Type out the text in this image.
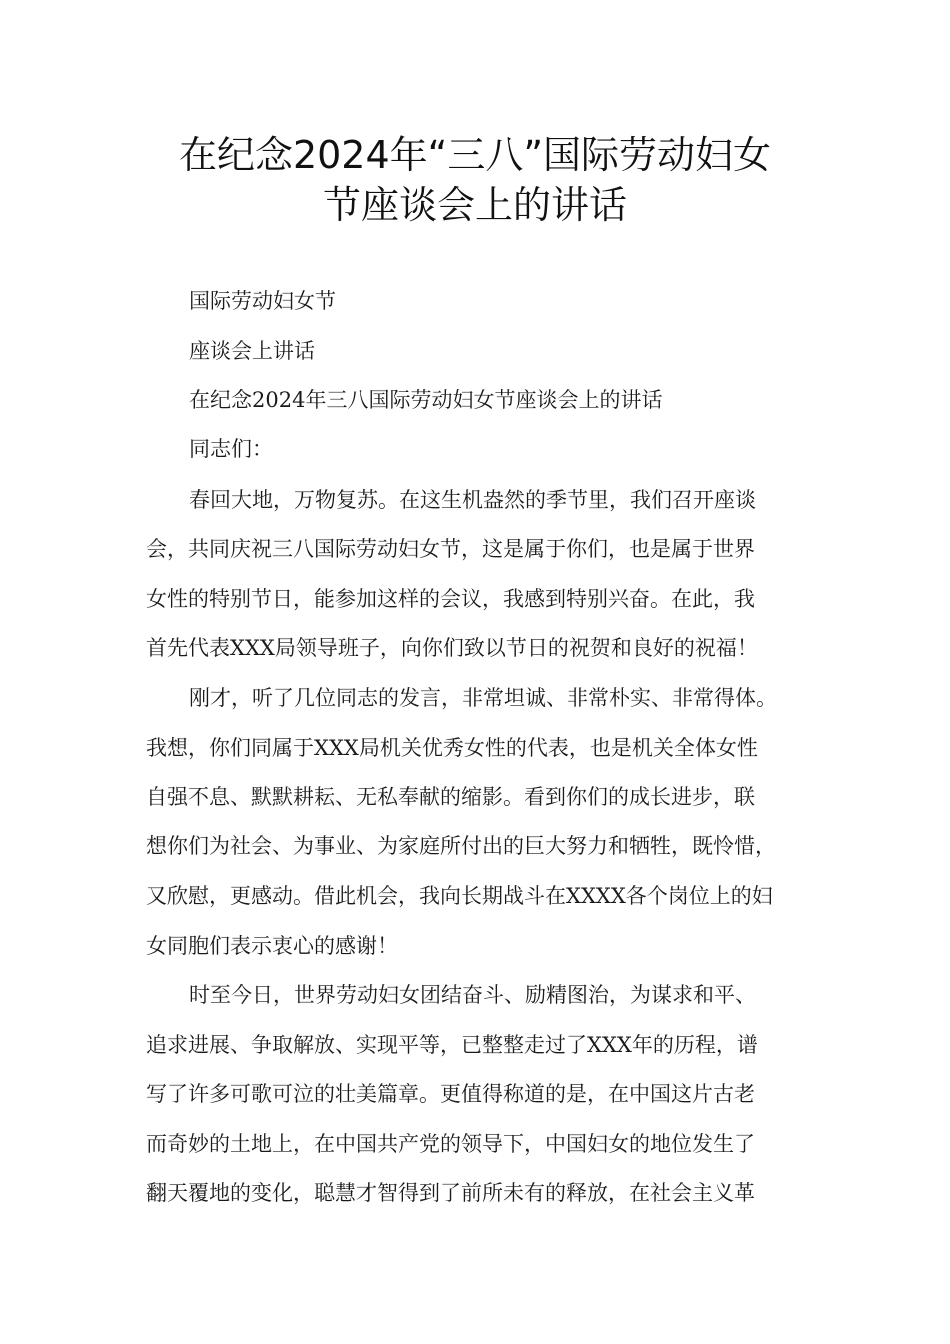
在纪念2024年“三八”国际劳动妇女
节座谈会上的讲话

国际劳动妇女节

座谈会上讲话

在纪念2024年三八国际劳动妇女节座谈会上的讲话

同志们：

春回大地，万物复苏。在这生机盎然的季节里，我们召开座谈

会，共同庆祝三八国际劳动妇女节，这是属于你们，也是属于世界

女性的特别节日，能参加这样的会议，我感到特别兴奋。在此，我

首先代表XXX局领导班子，向你们致以节日的祝贺和良好的祝福！

刚才，听了几位同志的发言，非常坦诚、非常朴实、非常得体。

我想，你们同属于XXX局机关优秀女性的代表，也是机关全体女性

自强不息、默默耕耘、无私奉献的缩影。看到你们的成长进步，联

想你们为社会、为事业、为家庭所付出的巨大努力和牺牲，既怜惜，

又欣慰，更感动。借此机会，我向长期战斗在XXXX各个岗位上的妇

女同胞们表示衷心的感谢！

时至今日，世界劳动妇女团结奋斗、励精图治，为谋求和平、

追求进展、争取解放、实现平等，已整整走过了XXX年的历程，谱

写了许多可歌可泣的壮美篇章。更值得称道的是，在中国这片古老

而奇妙的土地上，在中国共产党的领导下，中国妇女的地位发生了

翻天覆地的变化，聪慧才智得到了前所未有的释放，在社会主义革
